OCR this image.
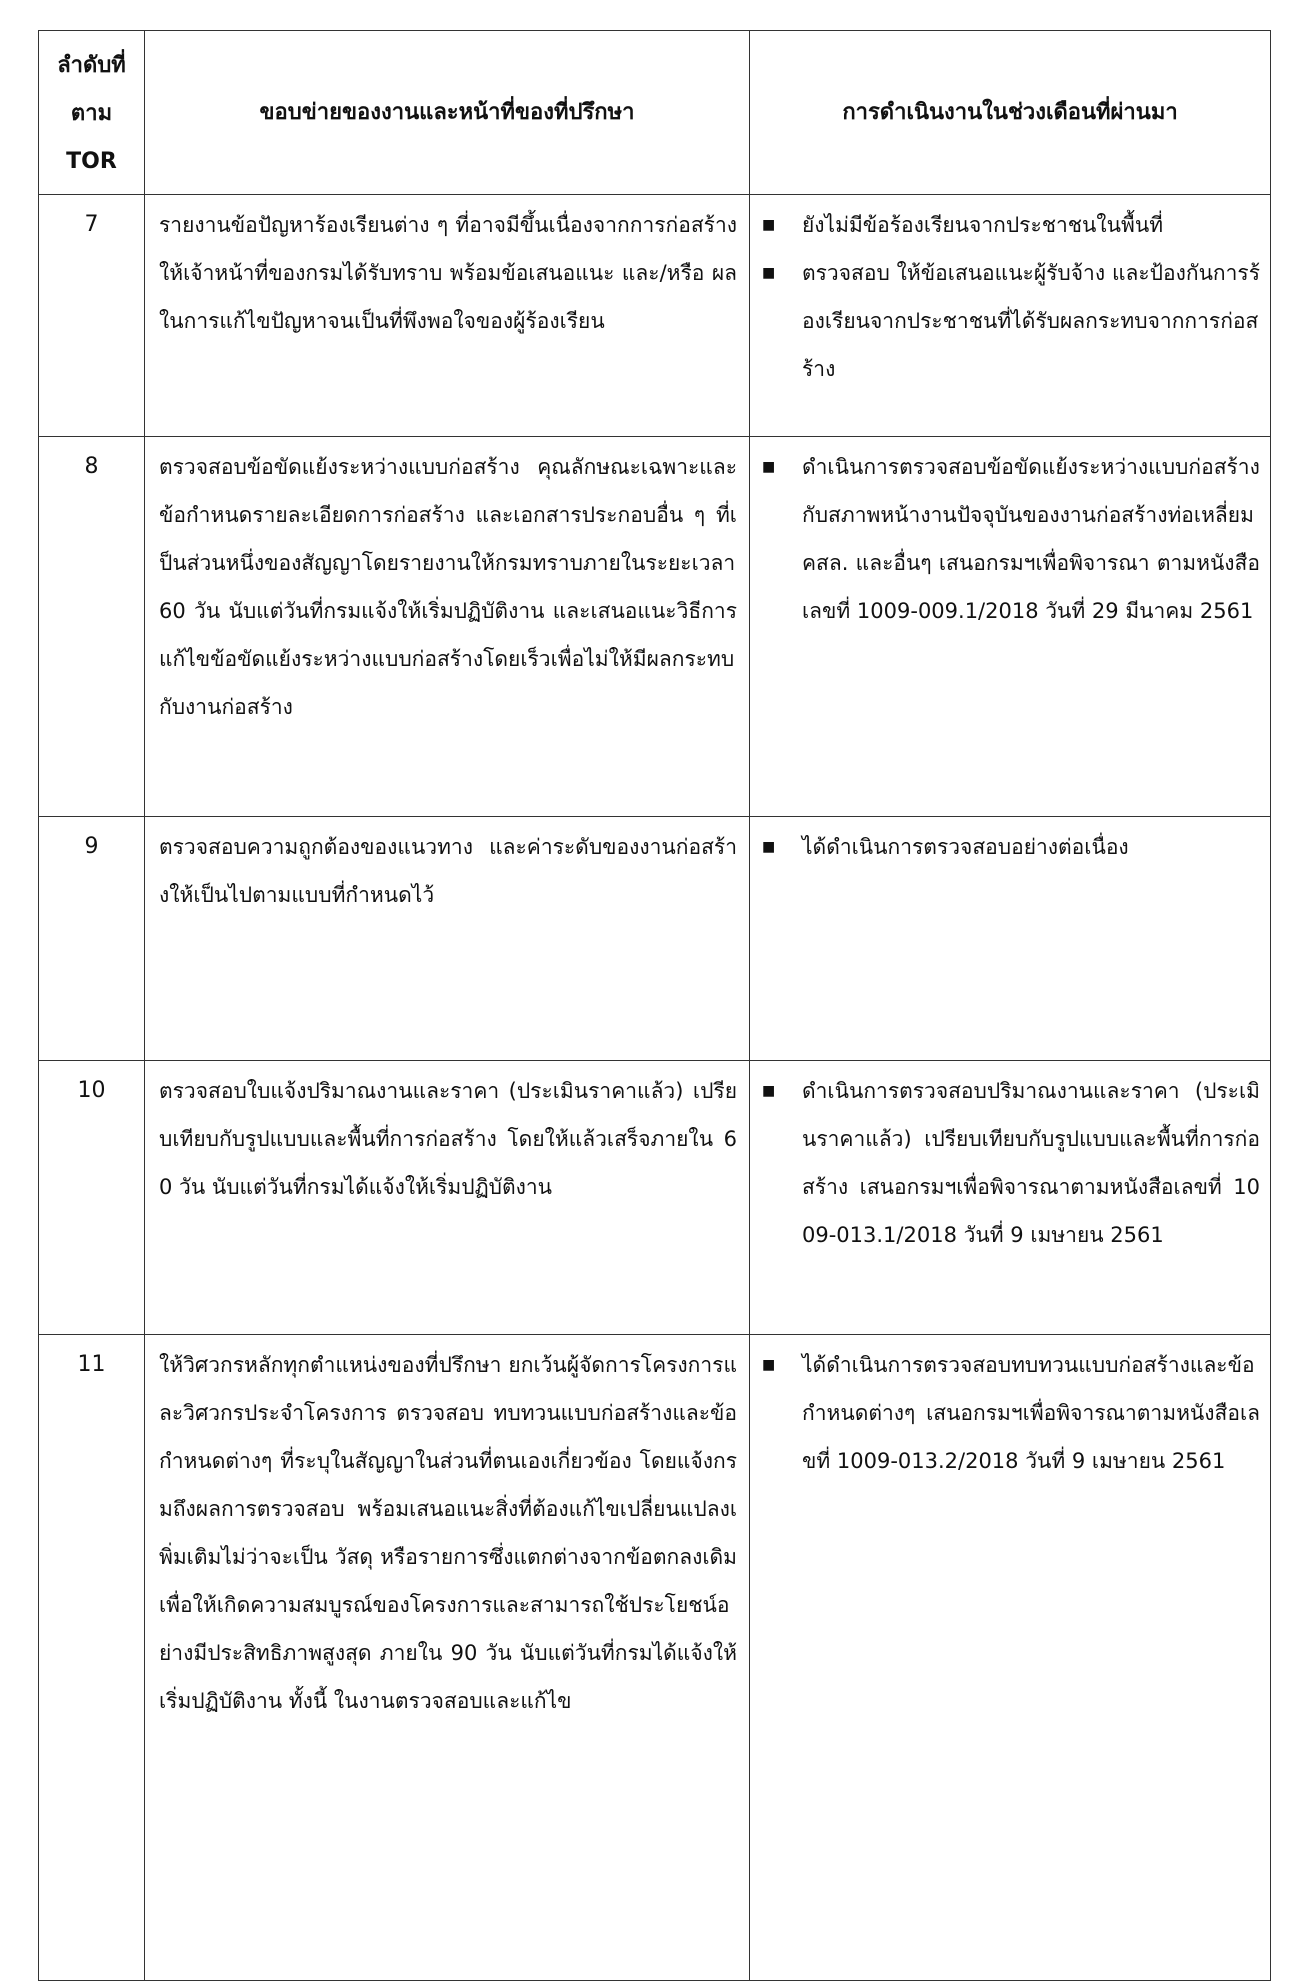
ลำดับที่
ตาม
TOR	ขอบข่ายของงานและหน้าที่ของที่ปรึกษา	การดำเนินงานในช่วงเดือนที่ผ่านมา
7	รายงานข้อปัญหาร้องเรียนต่าง ๆ ที่อาจมีขึ้นเนื่องจากการก่อสร้างให้เจ้าหน้าที่ของกรมได้รับทราบ พร้อมข้อเสนอแนะ และ/หรือ ผลในการแก้ไขปัญหาจนเป็นที่พึงพอใจของผู้ร้องเรียน	■ ยังไม่มีข้อร้องเรียนจากประชาชนในพื้นที่
■ ตรวจสอบ ให้ข้อเสนอแนะผู้รับจ้าง และป้องกันการร้องเรียนจากประชาชนที่ได้รับผลกระทบจากการก่อสร้าง

8	ตรวจสอบข้อขัดแย้งระหว่างแบบก่อสร้าง คุณลักษณะเฉพาะและข้อกำหนดรายละเอียดการก่อสร้าง และเอกสารประกอบอื่น ๆ ที่เป็นส่วนหนึ่งของสัญญาโดยรายงานให้กรมทราบภายในระยะเวลา 60 วัน นับแต่วันที่กรมแจ้งให้เริ่มปฏิบัติงาน และเสนอแนะวิธีการแก้ไขข้อขัดแย้งระหว่างแบบก่อสร้างโดยเร็วเพื่อไม่ให้มีผลกระทบกับงานก่อสร้าง	■ ดำเนินการตรวจสอบข้อขัดแย้งระหว่างแบบก่อสร้าง กับสภาพหน้างานปัจจุบันของงานก่อสร้างท่อเหลี่ยม คสล. และอื่นๆ เสนอกรมฯเพื่อพิจารณา ตามหนังสือเลขที่ 1009-009.1/2018 วันที่ 29 มีนาคม 2561

9	ตรวจสอบความถูกต้องของแนวทาง และค่าระดับของงานก่อสร้างให้เป็นไปตามแบบที่กำหนดไว้	■ ได้ดำเนินการตรวจสอบอย่างต่อเนื่อง

10	ตรวจสอบใบแจ้งปริมาณงานและราคา (ประเมินราคาแล้ว) เปรียบเทียบกับรูปแบบและพื้นที่การก่อสร้าง โดยให้แล้วเสร็จภายใน 60 วัน นับแต่วันที่กรมได้แจ้งให้เริ่มปฏิบัติงาน	■ ดำเนินการตรวจสอบปริมาณงานและราคา (ประเมินราคาแล้ว) เปรียบเทียบกับรูปแบบและพื้นที่การก่อสร้าง เสนอกรมฯเพื่อพิจารณาตามหนังสือเลขที่ 1009-013.1/2018 วันที่ 9 เมษายน 2561

11	ให้วิศวกรหลักทุกตำแหน่งของที่ปรึกษา ยกเว้นผู้จัดการโครงการและวิศวกรประจำโครงการ ตรวจสอบ ทบทวนแบบก่อสร้างและข้อกำหนดต่างๆ ที่ระบุในสัญญาในส่วนที่ตนเองเกี่ยวข้อง โดยแจ้งกรมถึงผลการตรวจสอบ พร้อมเสนอแนะสิ่งที่ต้องแก้ไขเปลี่ยนแปลงเพิ่มเติมไม่ว่าจะเป็น วัสดุ หรือรายการซึ่งแตกต่างจากข้อตกลงเดิม เพื่อให้เกิดความสมบูรณ์ของโครงการและสามารถใช้ประโยชน์อย่างมีประสิทธิภาพสูงสุด ภายใน 90 วัน นับแต่วันที่กรมได้แจ้งให้เริ่มปฏิบัติงาน ทั้งนี้ ในงานตรวจสอบและแก้ไข	■ ได้ดำเนินการตรวจสอบทบทวนแบบก่อสร้างและข้อกำหนดต่างๆ เสนอกรมฯเพื่อพิจารณาตามหนังสือเลขที่ 1009-013.2/2018 วันที่ 9 เมษายน 2561
